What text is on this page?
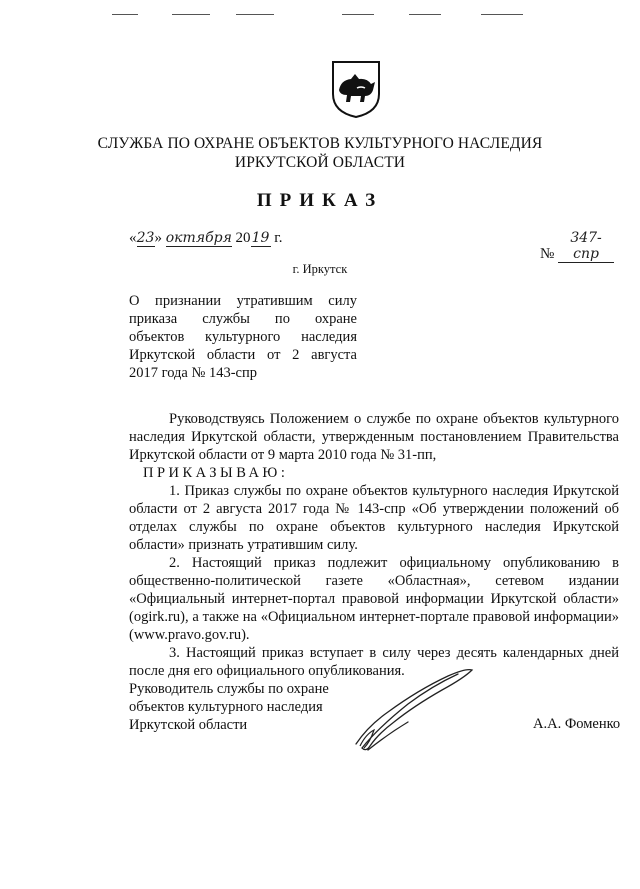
СЛУЖБА ПО ОХРАНЕ ОБЪЕКТОВ КУЛЬТУРНОГО НАСЛЕДИЯ
ИРКУТСКОЙ ОБЛАСТИ
ПРИКАЗ
«23» октября 2019 г.
№ 347-спр
г. Иркутск
О признании утратившим силу
приказа службы по охране
объектов культурного наследия
Иркутской области от 2 августа
2017 года № 143-спр
Руководствуясь Положением о службе по охране объектов культурного
наследия Иркутской области, утвержденным постановлением Правительства
Иркутской области от 9 марта 2010 года № 31-пп,
ПРИКАЗЫВАЮ:
1. Приказ службы по охране объектов культурного наследия Иркутской
области от 2 августа 2017 года № 143-спр «Об утверждении положений об
отделах службы по охране объектов культурного наследия Иркутской
области» признать утратившим силу.
2. Настоящий приказ подлежит официальному опубликованию в
общественно-политической газете «Областная», сетевом издании
«Официальный интернет-портал правовой информации Иркутской области»
(ogirk.ru), а также на «Официальном интернет-портале правовой информации»
(www.pravo.gov.ru).
3. Настоящий приказ вступает в силу через десять календарных дней
после дня его официального опубликования.
Руководитель службы по охране
объектов культурного наследия
Иркутской области	А.А. Фоменко
